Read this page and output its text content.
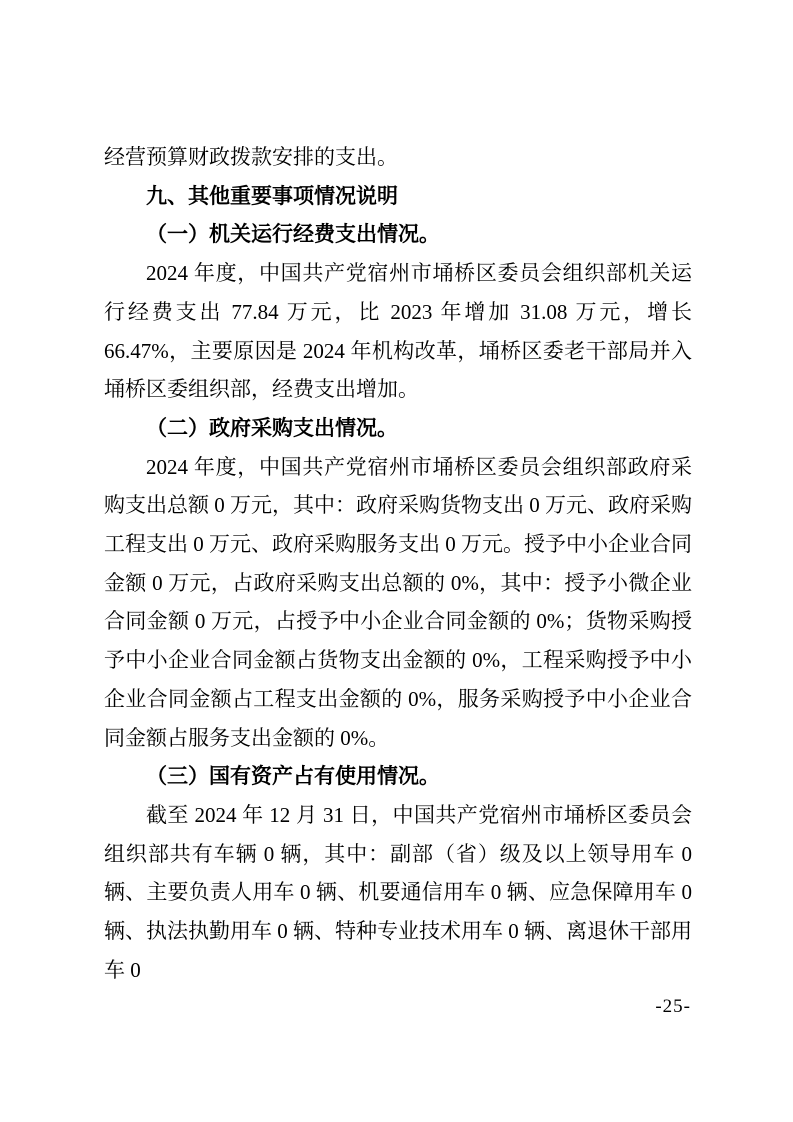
经营预算财政拨款安排的支出。

九、其他重要事项情况说明

（一）机关运行经费支出情况。

2024 年度，中国共产党宿州市埇桥区委员会组织部机关运行经费支出 77.84 万元，比 2023 年增加 31.08 万元，增长 66.47%，主要原因是 2024 年机构改革，埇桥区委老干部局并入埇桥区委组织部，经费支出增加。

（二）政府采购支出情况。

2024 年度，中国共产党宿州市埇桥区委员会组织部政府采购支出总额 0 万元，其中：政府采购货物支出 0 万元、政府采购工程支出 0 万元、政府采购服务支出 0 万元。授予中小企业合同金额 0 万元，占政府采购支出总额的 0%，其中：授予小微企业合同金额 0 万元，占授予中小企业合同金额的 0%；货物采购授予中小企业合同金额占货物支出金额的 0%，工程采购授予中小企业合同金额占工程支出金额的 0%，服务采购授予中小企业合同金额占服务支出金额的 0%。

（三）国有资产占有使用情况。

截至 2024 年 12 月 31 日，中国共产党宿州市埇桥区委员会组织部共有车辆 0 辆，其中：副部（省）级及以上领导用车 0 辆、主要负责人用车 0 辆、机要通信用车 0 辆、应急保障用车 0 辆、执法执勤用车 0 辆、特种专业技术用车 0 辆、离退休干部用车 0

-25-
